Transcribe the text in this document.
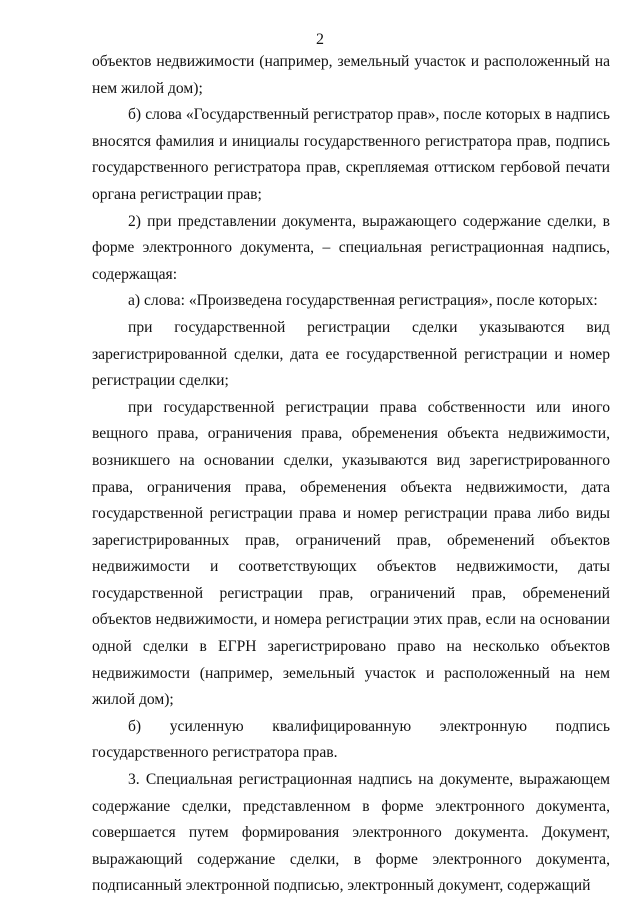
2

объектов недвижимости (например, земельный участок и расположенный на нем жилой дом);

б) слова «Государственный регистратор прав», после которых в надпись вносятся фамилия и инициалы государственного регистратора прав, подпись государственного регистратора прав, скрепляемая оттиском гербовой печати органа регистрации прав;

2) при представлении документа, выражающего содержание сделки, в форме электронного документа, – специальная регистрационная надпись, содержащая:

а) слова: «Произведена государственная регистрация», после которых:

при государственной регистрации сделки указываются вид зарегистрированной сделки, дата ее государственной регистрации и номер регистрации сделки;

при государственной регистрации права собственности или иного вещного права, ограничения права, обременения объекта недвижимости, возникшего на основании сделки, указываются вид зарегистрированного права, ограничения права, обременения объекта недвижимости, дата государственной регистрации права и номер регистрации права либо виды зарегистрированных прав, ограничений прав, обременений объектов недвижимости и соответствующих объектов недвижимости, даты государственной регистрации прав, ограничений прав, обременений объектов недвижимости, и номера регистрации этих прав, если на основании одной сделки в ЕГРН зарегистрировано право на несколько объектов недвижимости (например, земельный участок и расположенный на нем жилой дом);

б) усиленную квалифицированную электронную подпись государственного регистратора прав.

3. Специальная регистрационная надпись на документе, выражающем содержание сделки, представленном в форме электронного документа, совершается путем формирования электронного документа. Документ, выражающий содержание сделки, в форме электронного документа, подписанный электронной подписью, электронный документ, содержащий
